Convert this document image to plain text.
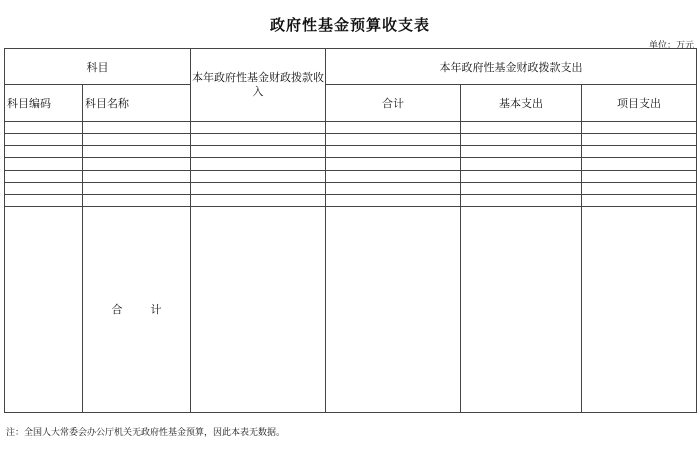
政府性基金预算收支表
单位：万元
科目		本年政府性基金财政拨款收入	本年政府性基金财政拨款支出		
科目编码	科目名称		合计	基本支出	项目支出

	合计				
注：全国人大常委会办公厅机关无政府性基金预算，因此本表无数据。
